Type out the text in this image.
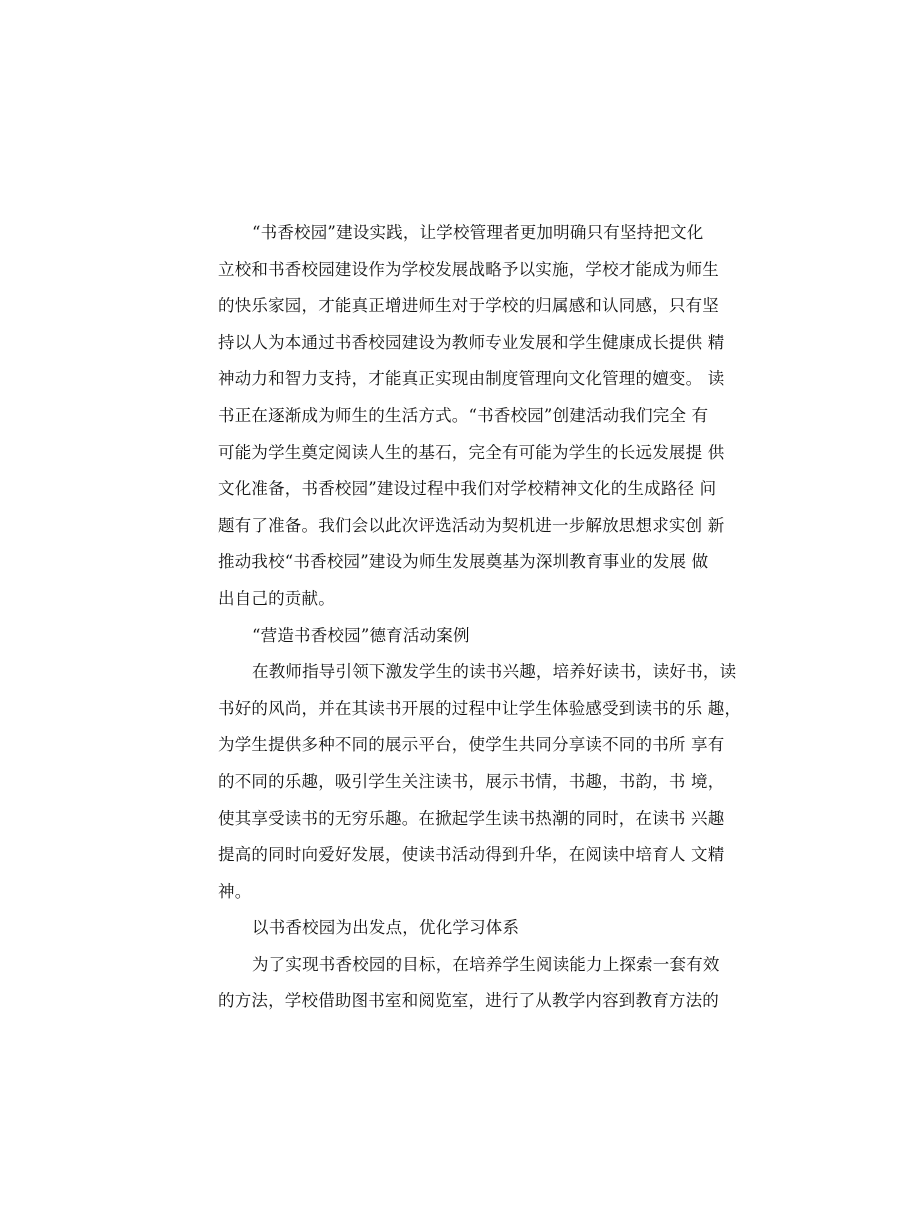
“书香校园”建设实践，让学校管理者更加明确只有坚持把文化
立校和书香校园建设作为学校发展战略予以实施，学校才能成为师生
的快乐家园，才能真正增进师生对于学校的归属感和认同感，只有坚
持以人为本通过书香校园建设为教师专业发展和学生健康成长提供 精
神动力和智力支持，才能真正实现由制度管理向文化管理的嬗变。 读
书正在逐渐成为师生的生活方式。“书香校园”创建活动我们完全 有
可能为学生奠定阅读人生的基石，完全有可能为学生的长远发展提 供
文化准备，书香校园”建设过程中我们对学校精神文化的生成路径 问
题有了准备。我们会以此次评选活动为契机进一步解放思想求实创 新
推动我校“书香校园”建设为师生发展奠基为深圳教育事业的发展 做
出自己的贡献。
“营造书香校园”德育活动案例
在教师指导引领下激发学生的读书兴趣，培养好读书，读好书，读
书好的风尚，并在其读书开展的过程中让学生体验感受到读书的乐 趣，
为学生提供多种不同的展示平台，使学生共同分享读不同的书所 享有
的不同的乐趣，吸引学生关注读书，展示书情，书趣，书韵，书 境，
使其享受读书的无穷乐趣。在掀起学生读书热潮的同时，在读书 兴趣
提高的同时向爱好发展，使读书活动得到升华，在阅读中培育人 文精
神。
以书香校园为出发点，优化学习体系
为了实现书香校园的目标，在培养学生阅读能力上探索一套有效
的方法，学校借助图书室和阅览室，进行了从教学内容到教育方法的
